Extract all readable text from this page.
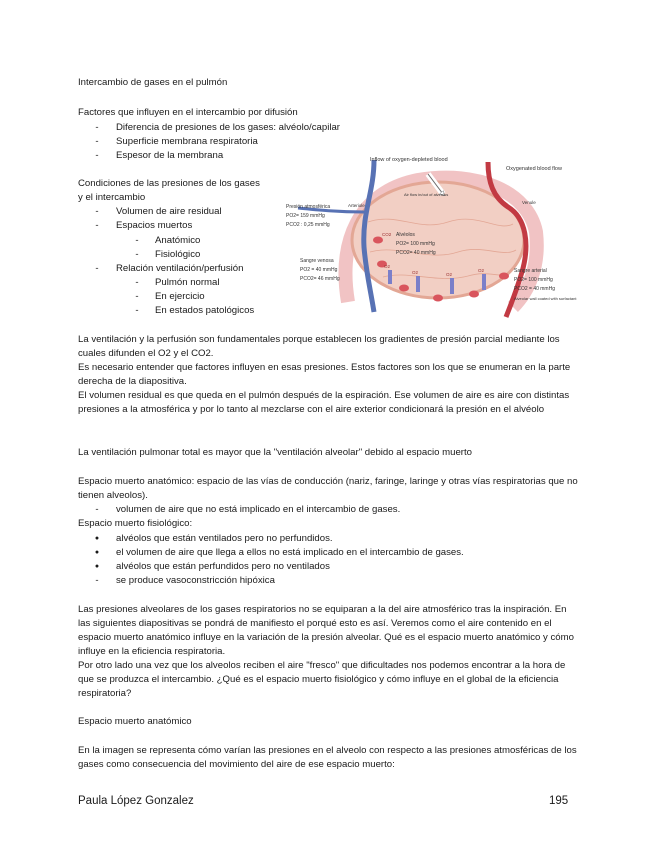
Intercambio de gases en el pulmón
Factores que influyen en el intercambio por difusión
-	Diferencia de presiones de los gases: alvéolo/capilar
-	Superficie membrana respiratoria
-	Espesor de la membrana
Condiciones de las presiones de los gases
y el intercambio
-	Volumen de aire residual
-	Espacios muertos
-	Anatómico
-	Fisiológico
-	Relación ventilación/perfusión
-	Pulmón normal
-	En ejercicio
-	En estados patológicos
Inflow of oxygen-depleted blood
Oxygenated blood flow
Arteriole
Venule
Air flow in/out of alveolus
Presión atmosférica
PO2= 159 mmHg
PCO2 : 0,25 mmHg
Alvéolos
PO2= 100 mmHg
PCO2= 40 mmHg
Sangre venosa
PO2 = 40 mmHg
PCO2= 46 mmHg
Sangre arterial
PO2= 100 mmHg
PCO2 = 40 mmHg
Alveolar wall coated with surfactant
CO2
O2
O2	O2
O2
La ventilación y la perfusión son fundamentales porque establecen los gradientes de presión parcial mediante los cuales difunden el O2 y el CO2.
Es necesario entender que factores influyen en esas presiones. Estos factores son los que se enumeran en la parte derecha de la diapositiva.
El volumen residual es que queda en el pulmón después de la espiración. Ese volumen de aire es aire con distintas presiones a la atmosférica y por lo tanto al mezclarse con el aire exterior condicionará la presión en el alvéolo
La ventilación pulmonar total es mayor que la "ventilación alveolar" debido al espacio muerto
Espacio muerto anatómico: espacio de las vías de conducción (nariz, faringe, laringe y otras vías respiratorias que no tienen alveolos).
-	volumen de aire que no está implicado en el intercambio de gases.
Espacio muerto fisiológico:
●	alvéolos que están ventilados pero no perfundidos.
●	el volumen de aire que llega a ellos no está implicado en el intercambio de gases.
●	alvéolos que están perfundidos pero no ventilados
-	se produce vasoconstricción hipóxica
Las presiones alveolares de los gases respiratorios no se equiparan a la del aire atmosférico tras la inspiración. En las siguientes diapositivas se pondrá de manifiesto el porqué esto es así. Veremos como el aire contenido en el espacio muerto anatómico influye en la variación de la presión alveolar. Qué es el espacio muerto anatómico y cómo influye en la eficiencia respiratoria.
Por otro lado una vez que los alveolos reciben el aire "fresco" que dificultades nos podemos encontrar a la hora de que se produzca el intercambio. ¿Qué es el espacio muerto fisiológico y cómo influye en el global de la eficiencia respiratoria?
Espacio muerto anatómico
En la imagen se representa cómo varían las presiones en el alveolo con respecto a las presiones atmosféricas de los gases como consecuencia del movimiento del aire de ese espacio muerto:
Paula López Gonzalez	195
